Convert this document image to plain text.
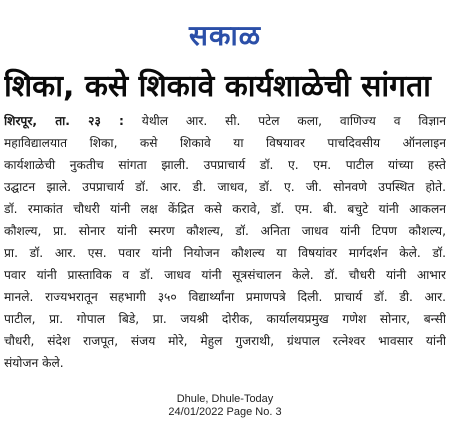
सकाळ
शिका, कसे शिकावे कार्यशाळेची सांगता
शिरपूर, ता. २३ : येथील आर. सी. पटेल कला, वाणिज्य व विज्ञान
महाविद्यालयात शिका, कसे शिकावे या विषयावर पाचदिवसीय ऑनलाइन
कार्यशाळेची नुकतीच सांगता झाली. उपप्राचार्य डॉ. ए. एम. पाटील यांच्या हस्ते
उद्घाटन झाले. उपप्राचार्य डॉ. आर. डी. जाधव, डॉ. ए. जी. सोनवणे उपस्थित होते.
डॉ. रमाकांत चौधरी यांनी लक्ष केंद्रित कसे करावे, डॉ. एम. बी. बचुटे यांनी आकलन
कौशल्य, प्रा. सोनार यांनी स्मरण कौशल्य, डॉ. अनिता जाधव यांनी टिपण कौशल्य,
प्रा. डॉ. आर. एस. पवार यांनी नियोजन कौशल्य या विषयांवर मार्गदर्शन केले. डॉ.
पवार यांनी प्रास्ताविक व डॉ. जाधव यांनी सूत्रसंचालन केले. डॉ. चौधरी यांनी आभार
मानले. राज्यभरातून सहभागी ३५० विद्यार्थ्यांना प्रमाणपत्रे दिली. प्राचार्य डॉ. डी. आर.
पाटील, प्रा. गोपाल बिडे, प्रा. जयश्री दोरीक, कार्यालयप्रमुख गणेश सोनार, बन्सी
चौधरी, संदेश राजपूत, संजय मोरे, मेहुल गुजराथी, ग्रंथपाल रत्नेश्वर भावसार यांनी
संयोजन केले.
Dhule, Dhule-Today
24/01/2022 Page No. 3
